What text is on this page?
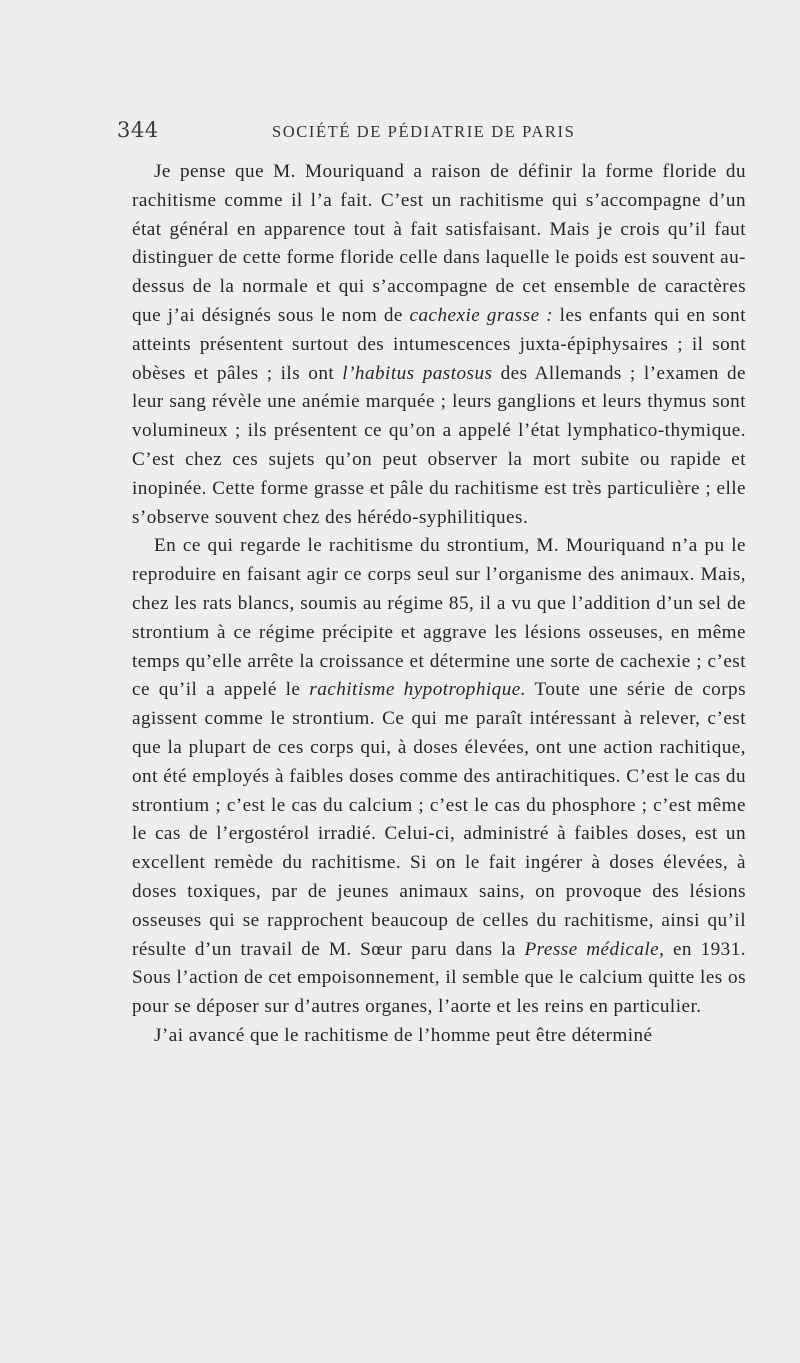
344	SOCIÉTÉ DE PÉDIATRIE DE PARIS

Je pense que M. Mouriquand a raison de définir la forme floride du rachitisme comme il l’a fait. C’est un rachitisme qui s’accompagne d’un état général en apparence tout à fait satisfaisant. Mais je crois qu’il faut distinguer de cette forme floride celle dans laquelle le poids est souvent au-dessus de la normale et qui s’accompagne de cet ensemble de caractères que j’ai désignés sous le nom de cachexie grasse : les enfants qui en sont atteints présentent surtout des intumescences juxta-épiphysaires ; il sont obèses et pâles ; ils ont l’habitus pastosus des Allemands ; l’examen de leur sang révèle une anémie marquée ; leurs ganglions et leurs thymus sont volumineux ; ils présentent ce qu’on a appelé l’état lymphatico-thymique. C’est chez ces sujets qu’on peut observer la mort subite ou rapide et inopinée. Cette forme grasse et pâle du rachitisme est très particulière ; elle s’observe souvent chez des hérédo-syphilitiques.

En ce qui regarde le rachitisme du strontium, M. Mouriquand n’a pu le reproduire en faisant agir ce corps seul sur l’organisme des animaux. Mais, chez les rats blancs, soumis au régime 85, il a vu que l’addition d’un sel de strontium à ce régime précipite et aggrave les lésions osseuses, en même temps qu’elle arrête la croissance et détermine une sorte de cachexie ; c’est ce qu’il a appelé le rachitisme hypotrophique. Toute une série de corps agissent comme le strontium. Ce qui me paraît intéressant à relever, c’est que la plupart de ces corps qui, à doses élevées, ont une action rachitique, ont été employés à faibles doses comme des antirachitiques. C’est le cas du strontium ; c’est le cas du calcium ; c’est le cas du phosphore ; c’est même le cas de l’ergostérol irradié. Celui-ci, administré à faibles doses, est un excellent remède du rachitisme. Si on le fait ingérer à doses élevées, à doses toxiques, par de jeunes animaux sains, on provoque des lésions osseuses qui se rapprochent beaucoup de celles du rachitisme, ainsi qu’il résulte d’un travail de M. Sœur paru dans la Presse médicale, en 1931. Sous l’action de cet empoisonnement, il semble que le calcium quitte les os pour se déposer sur d’autres organes, l’aorte et les reins en particulier.

J’ai avancé que le rachitisme de l’homme peut être déterminé
